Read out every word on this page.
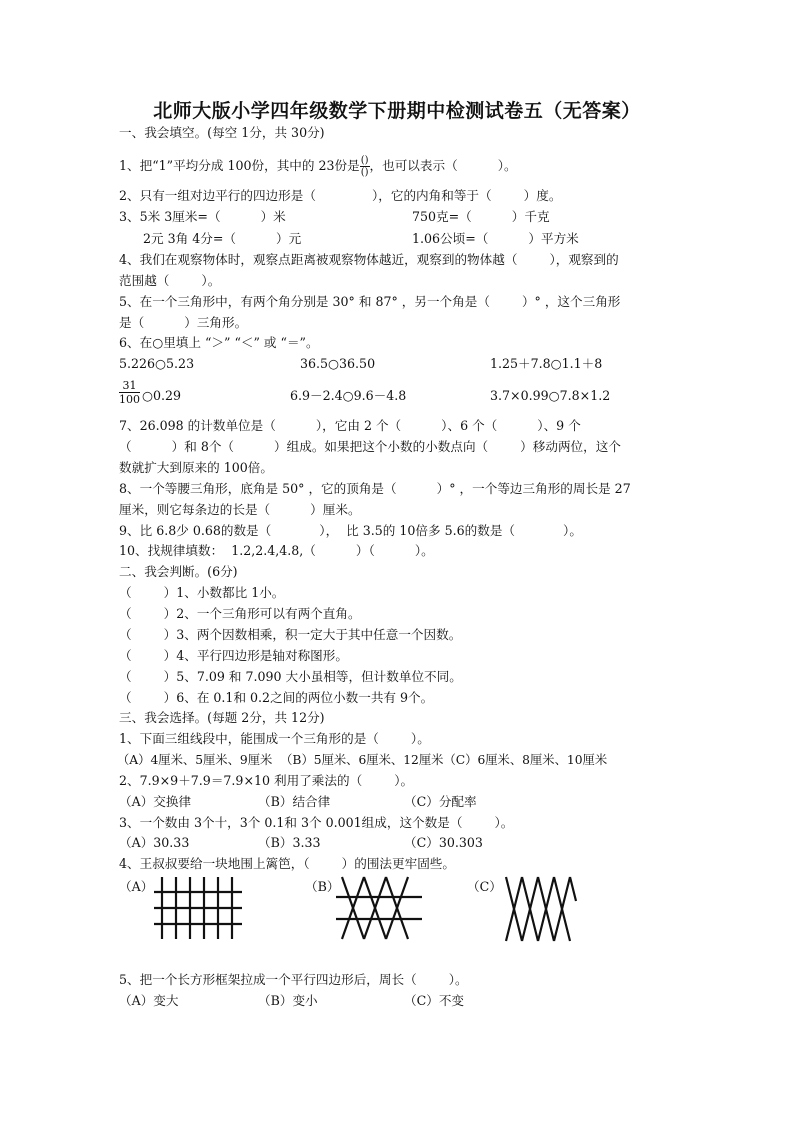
北师大版小学四年级数学下册期中检测试卷五（无答案）
一、我会填空。(每空 1分，共 30分)
1、把“1”平均分成 100份，其中的 23份是 $\frac{()}{()}$ ，也可以表示（          ）。
2、只有一组对边平行的四边形是（              ），它的内角和等于（        ）度。
3、5米 3厘米=（          ）米	750克=（          ）千克
2元 3角 4分=（          ）元	1.06公顷=（          ）平方米
4、我们在观察物体时，观察点距离被观察物体越近，观察到的物体越（        ），观察到的
范围越（        ）。
5、在一个三角形中，有两个角分别是 30° 和 87° ，另一个角是（        ）° ，这个三角形
是（          ）三角形。
6、在○里填上 “＞” “＜” 或 “＝”。
5.226○5.23	36.5○36.50	1.25＋7.8○1.1＋8
$\frac{31}{100}$ ○0.29	6.9－2.4○9.6－4.8	3.7×0.99○7.8×1.2
7、26.098 的计数单位是（          ），它由 2 个（          ）、6 个（          ）、9 个
（          ）和 8个（          ）组成。如果把这个小数的小数点向（        ）移动两位，这个
数就扩大到原来的 100倍。
8、一个等腰三角形，底角是 50° ，它的顶角是（          ）° ，一个等边三角形的周长是 27
厘米，则它每条边的长是（          ）厘米。
9、比 6.8少 0.68的数是（            ），  比 3.5的 10倍多 5.6的数是（            ）。
10、找规律填数：  1.2,2.4,4.8,（          ）（          ）。
二、我会判断。(6分)
（        ）1、小数都比 1小。
（        ）2、一个三角形可以有两个直角。
（        ）3、两个因数相乘，积一定大于其中任意一个因数。
（        ）4、平行四边形是轴对称图形。
（        ）5、7.09 和 7.090 大小虽相等，但计数单位不同。
（        ）6、在 0.1和 0.2之间的两位小数一共有 9个。
三、我会选择。(每题 2分，共 12分)
1、下面三组线段中，能围成一个三角形的是（        ）。
（A）4厘米、5厘米、9厘米  （B）5厘米、6厘米、12厘米（C）6厘米、8厘米、10厘米
2、7.9×9＋7.9＝7.9×10 利用了乘法的（        ）。
（A）交换律	（B）结合律	（C）分配率
3、一个数由 3个十，3个 0.1和 3个 0.001组成，这个数是（        ）。
（A）30.33	（B）3.33	（C）30.303
4、王叔叔要给一块地围上篱笆，（        ）的围法更牢固些。
（A）	（B）	（C）
5、把一个长方形框架拉成一个平行四边形后，周长（        ）。
（A）变大	（B）变小	（C）不变
